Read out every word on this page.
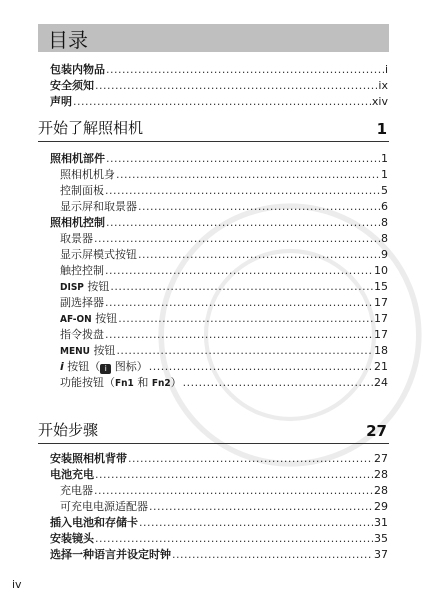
目录
包装内物品 .....	i
安全须知 .....	ix
声明 .....	xiv
开始了解照相机	1
照相机部件 .....	1
照相机机身 .....	1
控制面板 .....	5
显示屏和取景器 .....	6
照相机控制 .....	8
取景器 .....	8
显示屏模式按钮 .....	9
触控控制 .....	10
DISP 按钮 .....	15
副选择器 .....	17
AF-ON 按钮 .....	17
指令拨盘 .....	17
MENU 按钮 .....	18
i 按钮（ i 图标） .....	21
功能按钮（Fn1 和 Fn2） .....	24
开始步骤	27
安装照相机背带 .....	27
电池充电 .....	28
充电器 .....	28
可充电电源适配器 .....	29
插入电池和存储卡 .....	31
安装镜头 .....	35
选择一种语言并设定时钟 .....	37
iv
